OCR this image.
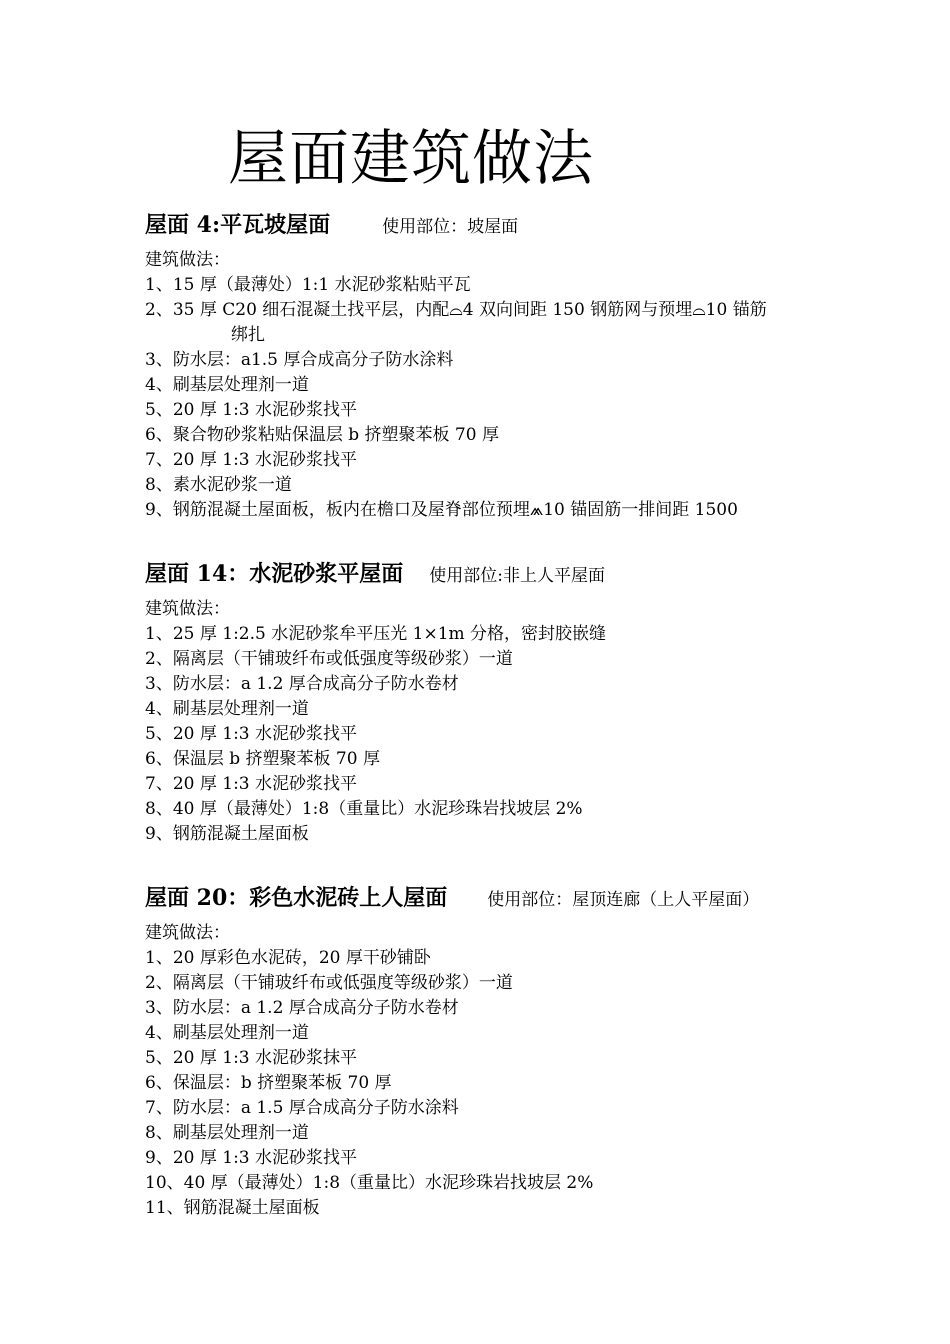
屋面建筑做法
屋面 4:平瓦坡屋面	使用部位：坡屋面
建筑做法：
1、15 厚（最薄处）1:1 水泥砂浆粘贴平瓦
2、35 厚 C20 细石混凝土找平层，内配⌓4 双向间距 150 钢筋网与预埋⌓10 锚筋
绑扎
3、防水层：a1.5 厚合成高分子防水涂料
4、刷基层处理剂一道
5、20 厚 1:3 水泥砂浆找平
6、聚合物砂浆粘贴保温层 b 挤塑聚苯板 70 厚
7、20 厚 1:3 水泥砂浆找平
8、素水泥砂浆一道
9、钢筋混凝土屋面板，板内在檐口及屋脊部位预埋⩕10 锚固筋一排间距 1500
屋面 14：水泥砂浆平屋面 使用部位:非上人平屋面
建筑做法：
1、25 厚 1:2.5 水泥砂浆牟平压光 1×1m 分格，密封胶嵌缝
2、隔离层（干铺玻纤布或低强度等级砂浆）一道
3、防水层：a 1.2 厚合成高分子防水卷材
4、刷基层处理剂一道
5、20 厚 1:3 水泥砂浆找平
6、保温层 b 挤塑聚苯板 70 厚
7、20 厚 1:3 水泥砂浆找平
8、40 厚（最薄处）1:8（重量比）水泥珍珠岩找坡层 2%
9、钢筋混凝土屋面板
屋面 20：彩色水泥砖上人屋面 使用部位：屋顶连廊（上人平屋面）
建筑做法：
1、20 厚彩色水泥砖，20 厚干砂铺卧
2、隔离层（干铺玻纤布或低强度等级砂浆）一道
3、防水层：a 1.2 厚合成高分子防水卷材
4、刷基层处理剂一道
5、20 厚 1:3 水泥砂浆抹平
6、保温层：b 挤塑聚苯板 70 厚
7、防水层：a 1.5 厚合成高分子防水涂料
8、刷基层处理剂一道
9、20 厚 1:3 水泥砂浆找平
10、40 厚（最薄处）1:8（重量比）水泥珍珠岩找坡层 2%
11、钢筋混凝土屋面板
